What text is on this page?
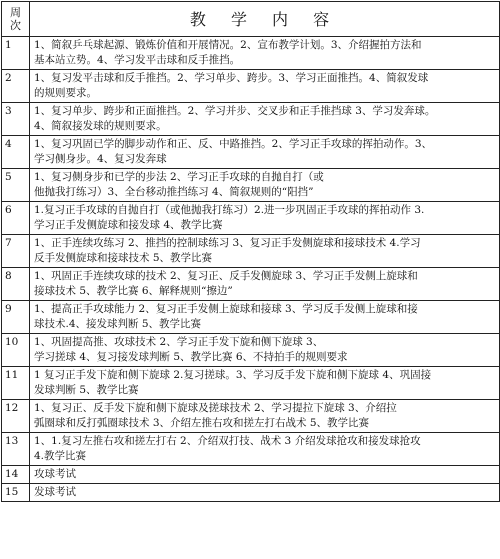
周
次	教 学 内 容
1	1、简叙乒乓球起源、锻炼价值和开展情况。2、宣布教学计划。3、介绍握拍方法和
基本站立势。4、学习发平击球和反手推挡。

2	1、复习发平击球和反手推挡。2、学习单步、跨步。3、学习正面推挡。4、简叙发球
的规则要求。

3	1、复习单步、跨步和正面推挡。2、学习并步、交叉步和正手推挡球 3、学习发奔球。
4、简叙接发球的规则要求。

4	1、复习巩固已学的脚步动作和正、反、中路推挡。2、学习正手攻球的挥拍动作。3、
学习侧身步。4、复习发奔球

5	1、复习侧身步和已学的步法 2、学习正手攻球的自抛自打（或
他抛我打练习）3、全台移动推挡练习 4、简叙规则的“阳挡”

6	1.复习正手攻球的自抛自打（或他抛我打练习）2.进一步巩固正手攻球的挥拍动作 3.
学习正手发侧旋球和接发球 4、教学比赛

7	1、正手连续攻练习 2、推挡的控制球练习 3、复习正手发侧旋球和接球技术 4.学习
反手发侧旋球和接球技术 5、教学比赛

8	1、巩固正手连续攻球的技术 2、复习正、反手发侧旋球 3、学习正手发侧上旋球和
接球技术 5、教学比赛 6、解释规则“擦边”

9	1、提高正手攻球能力 2、复习正手发侧上旋球和接球 3、学习反手发侧上旋球和接
球技术.4、接发球判断 5、教学比赛

10	1、巩固提高推、攻球技术 2、学习正手发下旋和侧下旋球 3、
学习搓球 4、复习接发球判断 5、教学比赛 6、不持拍手的规则要求

11	1 复习正手发下旋和侧下旋球 2.复习搓球。3、学习反手发下旋和侧下旋球 4、巩固接
发球判断 5、教学比赛

12	1、复习正、反手发下旋和侧下旋球及搓球技术 2、学习提拉下旋球 3、介绍拉
弧圈球和反打弧圈球技术 3、介绍左推右攻和搓左打右战术 5、教学比赛

13	1、1.复习左推右攻和搓左打右 2、介绍双打技、战术 3 介绍发球抢攻和接发球抢攻
4.教学比赛

14	攻球考试

15	发球考试
